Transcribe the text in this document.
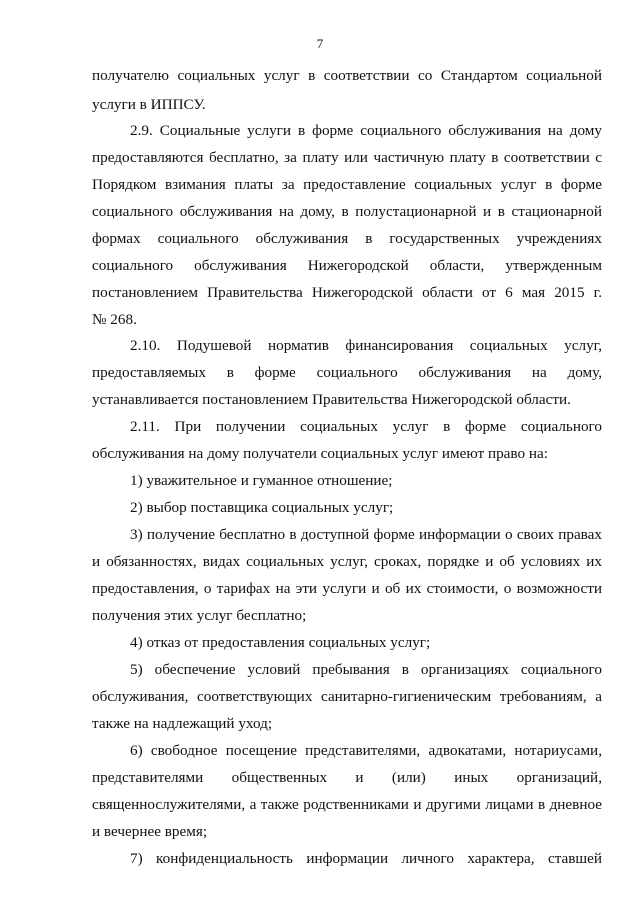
7
получателю социальных услуг в соответствии со Стандартом социальной
услуги в ИППСУ.
2.9. Социальные услуги в форме социального обслуживания на дому
предоставляются бесплатно, за плату или частичную плату в соответствии с
Порядком взимания платы за предоставление социальных услуг в форме
социального обслуживания на дому, в полустационарной и в стационарной
формах социального обслуживания в государственных учреждениях
социального обслуживания Нижегородской области, утвержденным
постановлением Правительства Нижегородской области от 6 мая 2015 г.
№ 268.
2.10. Подушевой норматив финансирования социальных услуг,
предоставляемых в форме социального обслуживания на дому,
устанавливается постановлением Правительства Нижегородской области.
2.11. При получении социальных услуг в форме социального
обслуживания на дому получатели социальных услуг имеют право на:
1) уважительное и гуманное отношение;
2) выбор поставщика социальных услуг;
3) получение бесплатно в доступной форме информации о своих правах
и обязанностях, видах социальных услуг, сроках, порядке и об условиях их
предоставления, о тарифах на эти услуги и об их стоимости, о возможности
получения этих услуг бесплатно;
4) отказ от предоставления социальных услуг;
5) обеспечение условий пребывания в организациях социального
обслуживания, соответствующих санитарно-гигиеническим требованиям, а
также на надлежащий уход;
6) свободное посещение представителями, адвокатами, нотариусами,
представителями общественных и (или) иных организаций,
священнослужителями, а также родственниками и другими лицами в дневное
и вечернее время;
7) конфиденциальность информации личного характера, ставшей
